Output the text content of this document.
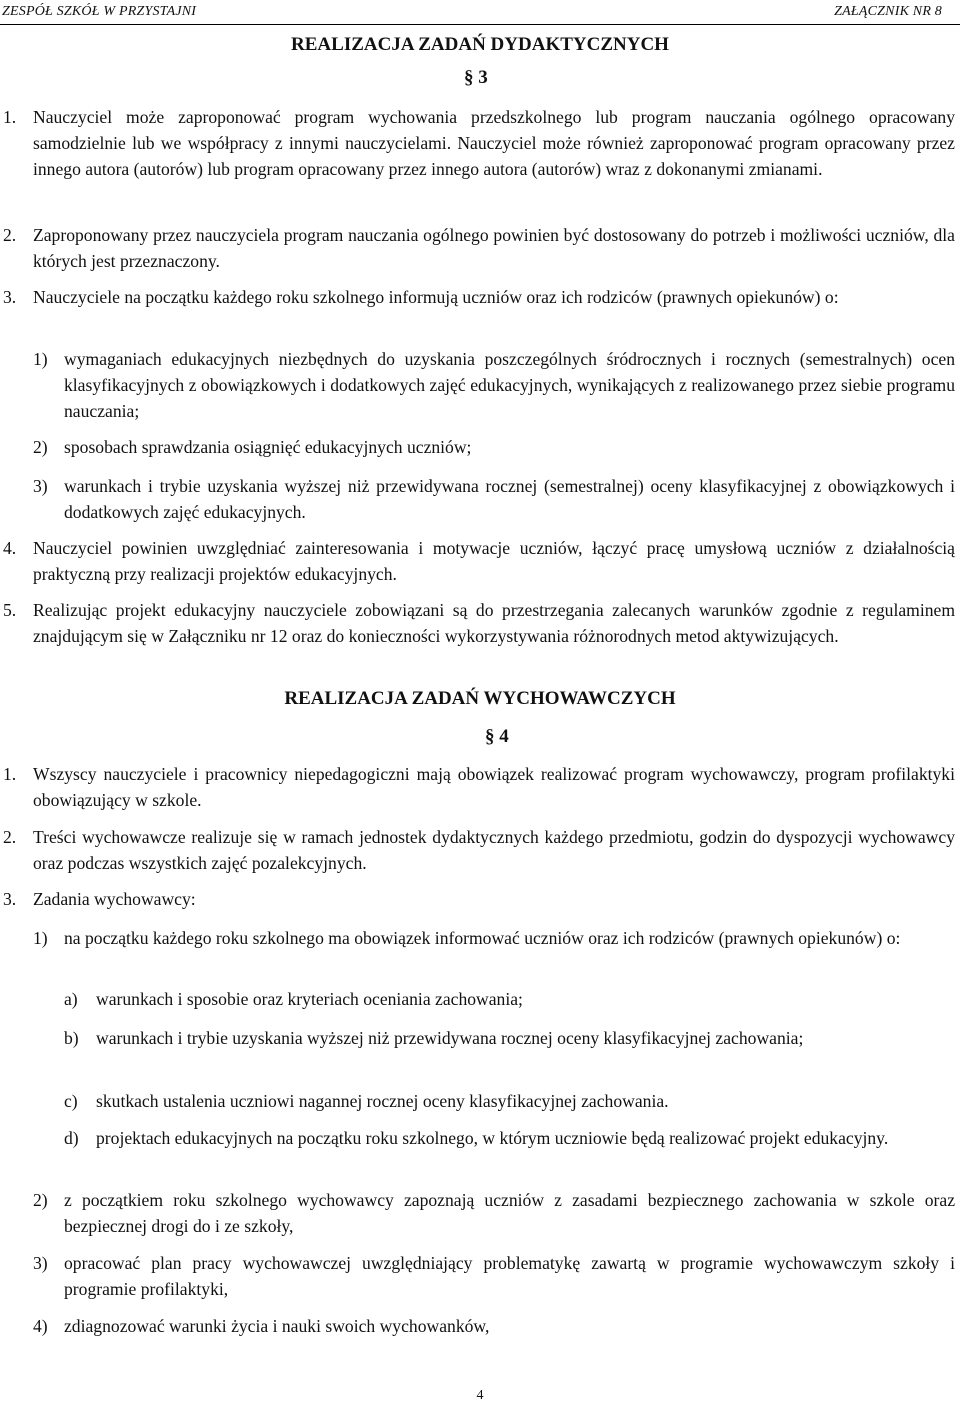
ZESPÓŁ SZKÓŁ W PRZYSTAJNI	ZAŁĄCZNIK NR 8
REALIZACJA ZADAŃ DYDAKTYCZNYCH
§ 3
1. Nauczyciel może zaproponować program wychowania przedszkolnego lub program nauczania ogólnego opracowany samodzielnie lub we współpracy z innymi nauczycielami. Nauczyciel może również zaproponować program opracowany przez innego autora (autorów) lub program opracowany przez innego autora (autorów) wraz z dokonanymi zmianami.
2. Zaproponowany przez nauczyciela program nauczania ogólnego powinien być dostosowany do potrzeb i możliwości uczniów, dla których jest przeznaczony.
3. Nauczyciele na początku każdego roku szkolnego informują uczniów oraz ich rodziców (prawnych opiekunów) o:
1) wymaganiach edukacyjnych niezbędnych do uzyskania poszczególnych śródrocznych i rocznych (semestralnych) ocen klasyfikacyjnych z obowiązkowych i dodatkowych zajęć edukacyjnych, wynikających z realizowanego przez siebie programu nauczania;
2) sposobach sprawdzania osiągnięć edukacyjnych uczniów;
3) warunkach i trybie uzyskania wyższej niż przewidywana rocznej (semestralnej) oceny klasyfikacyjnej z obowiązkowych i dodatkowych zajęć edukacyjnych.
4. Nauczyciel powinien uwzględniać zainteresowania i motywacje uczniów, łączyć pracę umysłową uczniów z działalnością praktyczną przy realizacji projektów edukacyjnych.
5. Realizując projekt edukacyjny nauczyciele zobowiązani są do przestrzegania zalecanych warunków zgodnie z regulaminem znajdującym się w Załączniku nr 12 oraz do konieczności wykorzystywania różnorodnych metod aktywizujących.
REALIZACJA ZADAŃ WYCHOWAWCZYCH
§ 4
1. Wszyscy nauczyciele i pracownicy niepedagogiczni mają obowiązek realizować program wychowawczy, program profilaktyki obowiązujący w szkole.
2. Treści wychowawcze realizuje się w ramach jednostek dydaktycznych każdego przedmiotu, godzin do dyspozycji wychowawcy oraz podczas wszystkich zajęć pozalekcyjnych.
3. Zadania wychowawcy:
1) na początku każdego roku szkolnego ma obowiązek informować uczniów oraz ich rodziców (prawnych opiekunów) o:
a) warunkach i sposobie oraz kryteriach oceniania zachowania;
b) warunkach i trybie uzyskania wyższej niż przewidywana rocznej oceny klasyfikacyjnej zachowania;
c) skutkach ustalenia uczniowi nagannej rocznej oceny klasyfikacyjnej zachowania.
d) projektach edukacyjnych na początku roku szkolnego, w którym uczniowie będą realizować projekt edukacyjny.
2) z początkiem roku szkolnego wychowawcy zapoznają uczniów z zasadami bezpiecznego zachowania w szkole oraz bezpiecznej drogi do i ze szkoły,
3) opracować plan pracy wychowawczej uwzględniający problematykę zawartą w programie wychowawczym szkoły i programie profilaktyki,
4) zdiagnozować warunki życia i nauki swoich wychowanków,
4
